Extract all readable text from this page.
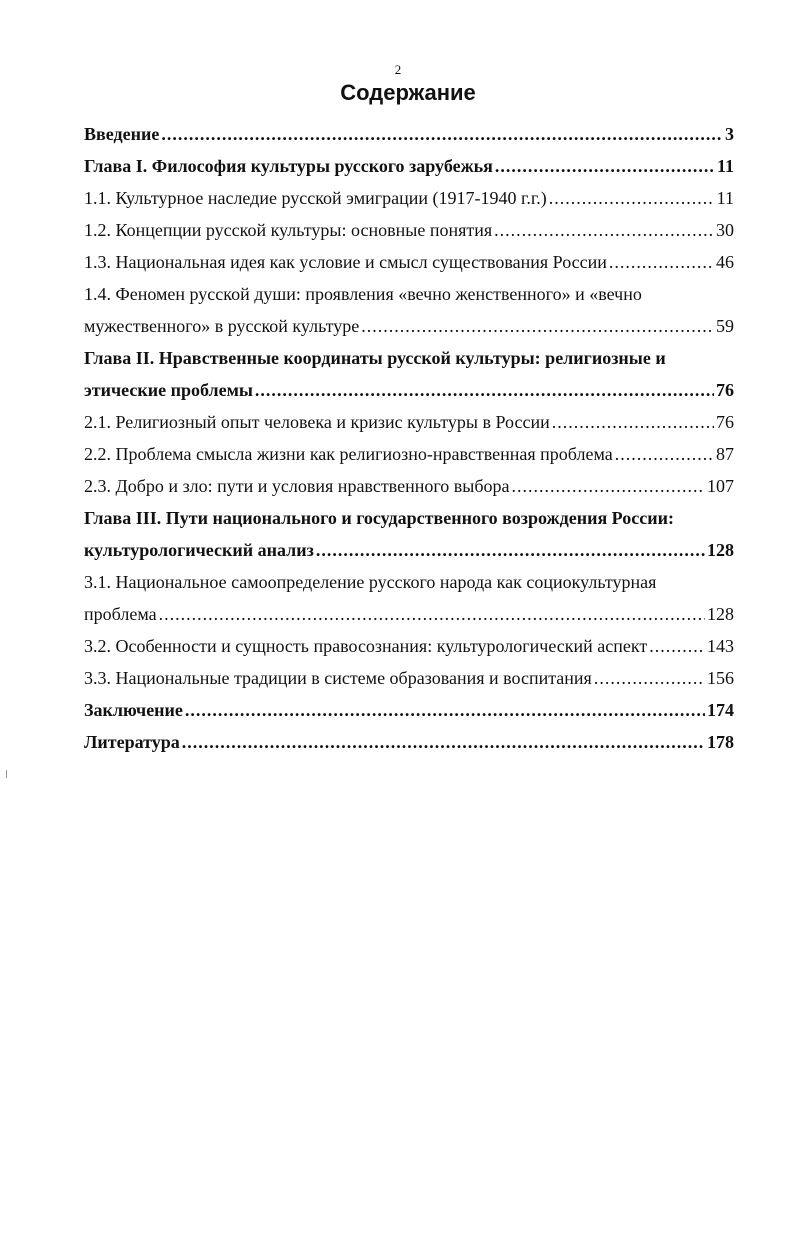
2
Содержание
Введение .....	3
Глава I. Философия культуры русского зарубежья .....	11
1.1. Культурное наследие русской эмиграции (1917-1940 г.г.) .....	11
1.2. Концепции русской культуры: основные понятия .....	30
1.3. Национальная идея как условие и смысл существования России .....	46
1.4. Феномен русской души: проявления «вечно женственного» и «вечно
мужественного» в русской культуре .....	59
Глава II. Нравственные координаты русской культуры: религиозные и
этические проблемы .....	76
2.1. Религиозный опыт человека и кризис культуры в России .....	76
2.2. Проблема смысла жизни как религиозно-нравственная проблема .....	87
2.3. Добро и зло: пути и условия нравственного выбора .....	107
Глава III. Пути национального и государственного возрождения России:
культурологический анализ .....	128
3.1. Национальное самоопределение русского народа как социокультурная
проблема .....	128
3.2. Особенности и сущность правосознания: культурологический аспект .....	143
3.3. Национальные традиции в системе образования и воспитания .....	156
Заключение .....	174
Литература .....	178
